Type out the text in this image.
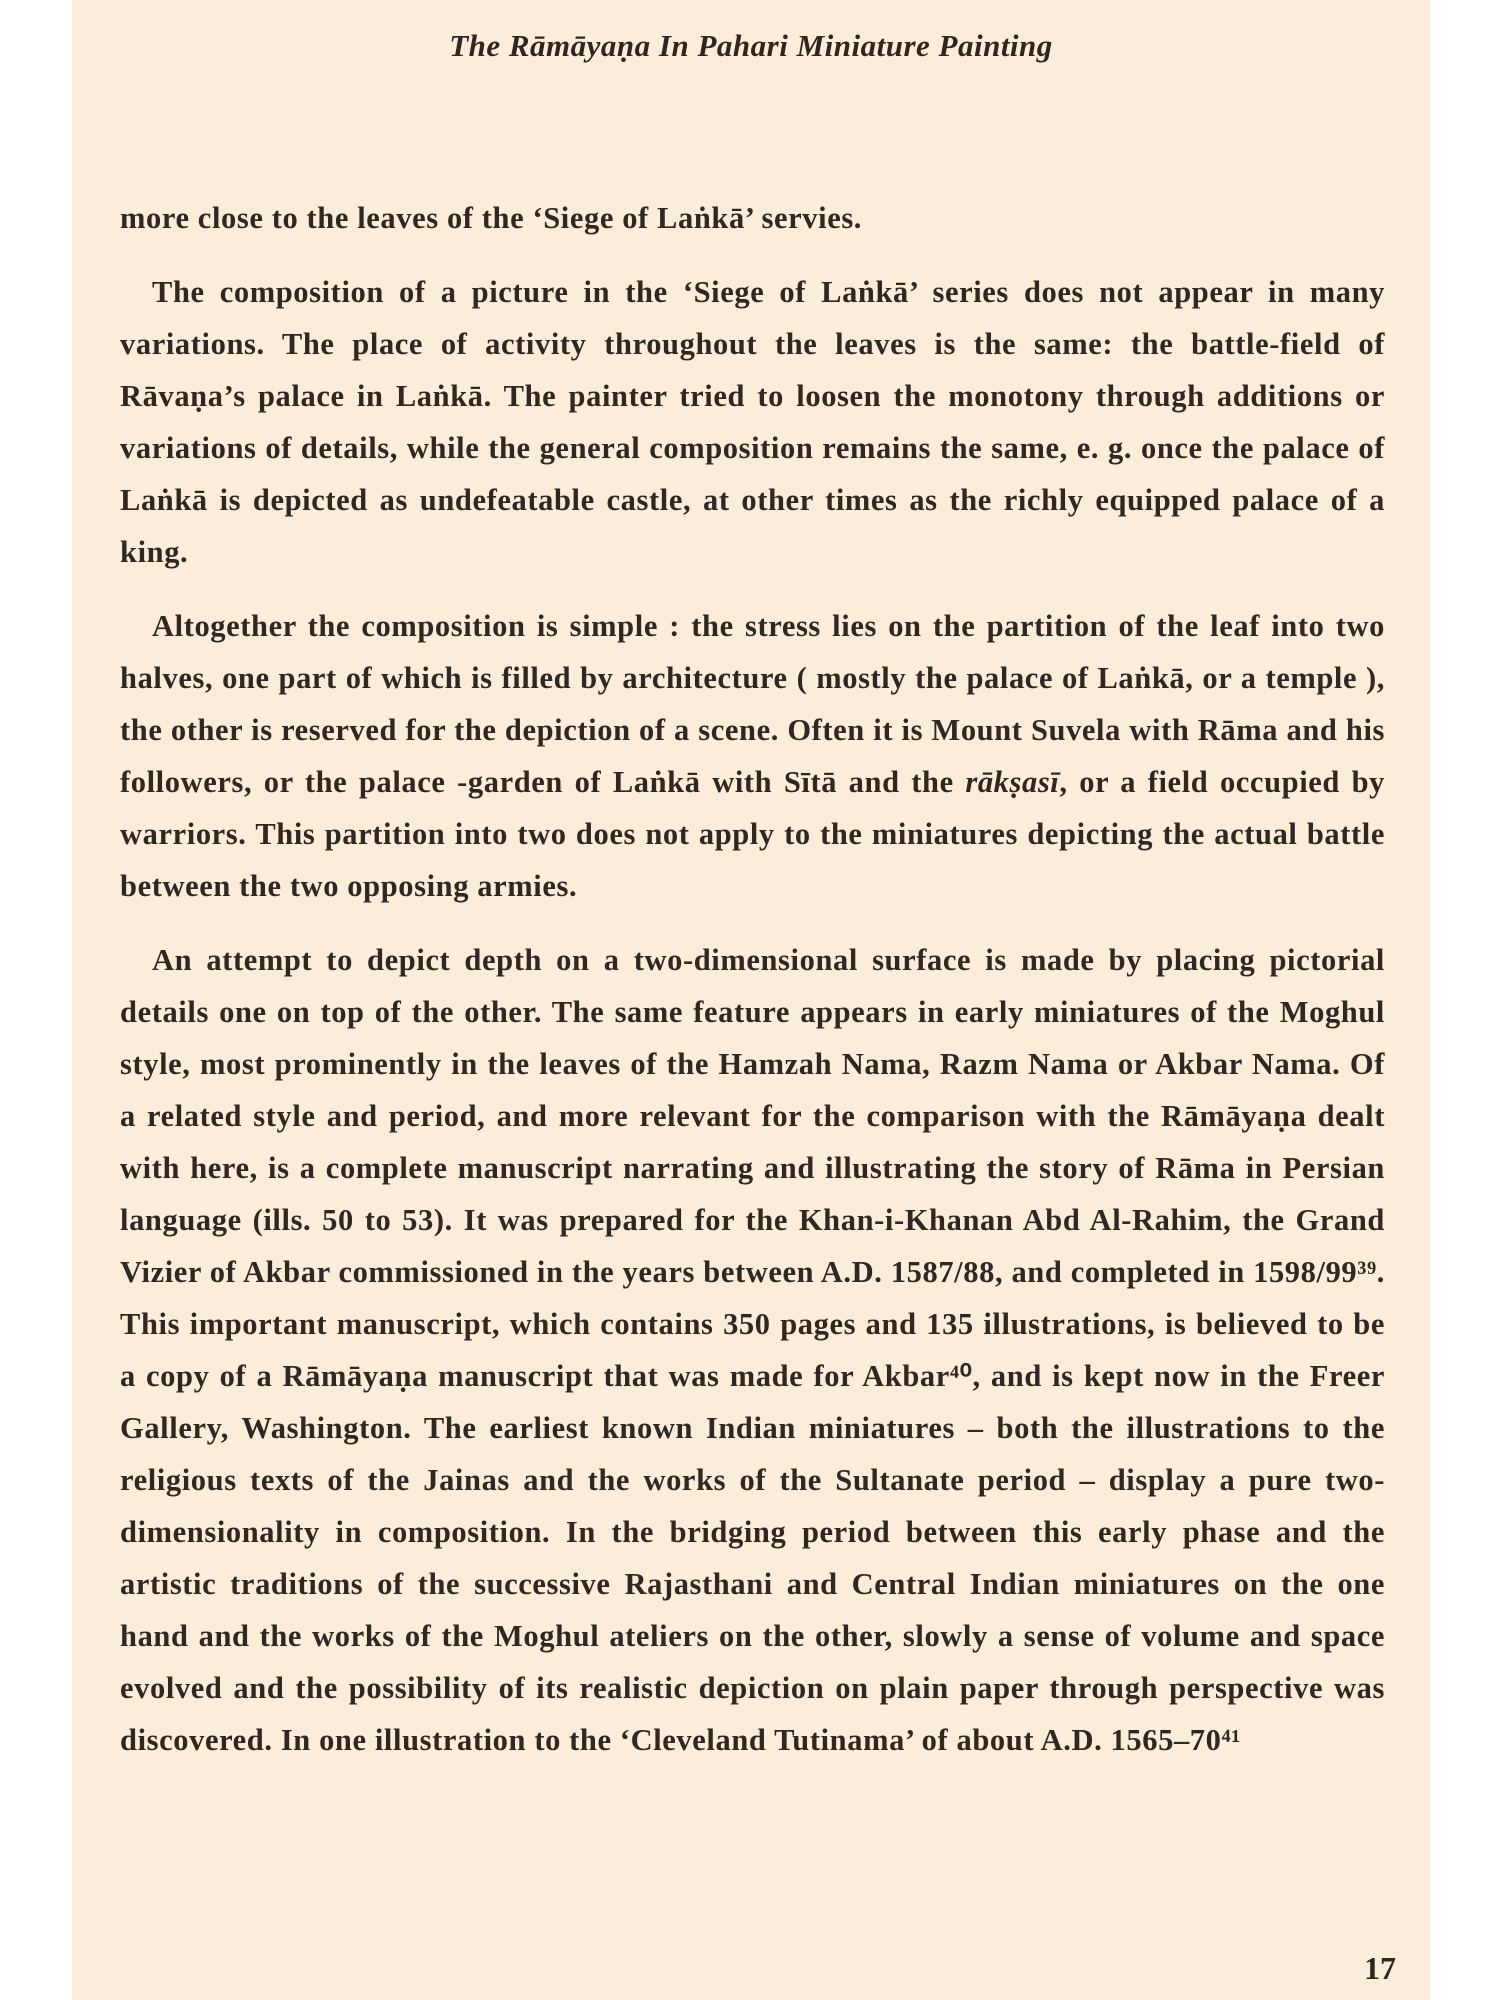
The Rāmāyaṇa In Pahari Miniature Painting

more close to the leaves of the ‘Siege of Laṅkā’ servies.

The composition of a picture in the ‘Siege of Laṅkā’ series does not appear in many variations. The place of activity throughout the leaves is the same: the battle-field of Rāvaṇa’s palace in Laṅkā. The painter tried to loosen the monotony through additions or variations of details, while the general composition remains the same, e. g. once the palace of Laṅkā is depicted as undefeatable castle, at other times as the richly equipped palace of a king.

Altogether the composition is simple : the stress lies on the partition of the leaf into two halves, one part of which is filled by architecture ( mostly the palace of Laṅkā, or a temple ), the other is reserved for the depiction of a scene. Often it is Mount Suvela with Rāma and his followers, or the palace -garden of Laṅkā with Sītā and the rākṣasī, or a field occupied by warriors. This partition into two does not apply to the miniatures depicting the actual battle between the two opposing armies.

An attempt to depict depth on a two-dimensional surface is made by placing pictorial details one on top of the other. The same feature appears in early miniatures of the Moghul style, most prominently in the leaves of the Hamzah Nama, Razm Nama or Akbar Nama. Of a related style and period, and more relevant for the comparison with the Rāmāyaṇa dealt with here, is a complete manuscript narrating and illustrating the story of Rāma in Persian language (ills. 50 to 53). It was prepared for the Khan-i-Khanan Abd Al-Rahim, the Grand Vizier of Akbar commissioned in the years between A.D. 1587/88, and completed in 1598/99³⁹. This important manuscript, which contains 350 pages and 135 illustrations, is believed to be a copy of a Rāmāyaṇa manuscript that was made for Akbar⁴⁰, and is kept now in the Freer Gallery, Washington. The earliest known Indian miniatures – both the illustrations to the religious texts of the Jainas and the works of the Sultanate period – display a pure two-dimensionality in composition. In the bridging period between this early phase and the artistic traditions of the successive Rajasthani and Central Indian miniatures on the one hand and the works of the Moghul ateliers on the other, slowly a sense of volume and space evolved and the possibility of its realistic depiction on plain paper through perspective was discovered. In one illustration to the ‘Cleveland Tutinama’ of about A.D. 1565–70⁴¹

17
